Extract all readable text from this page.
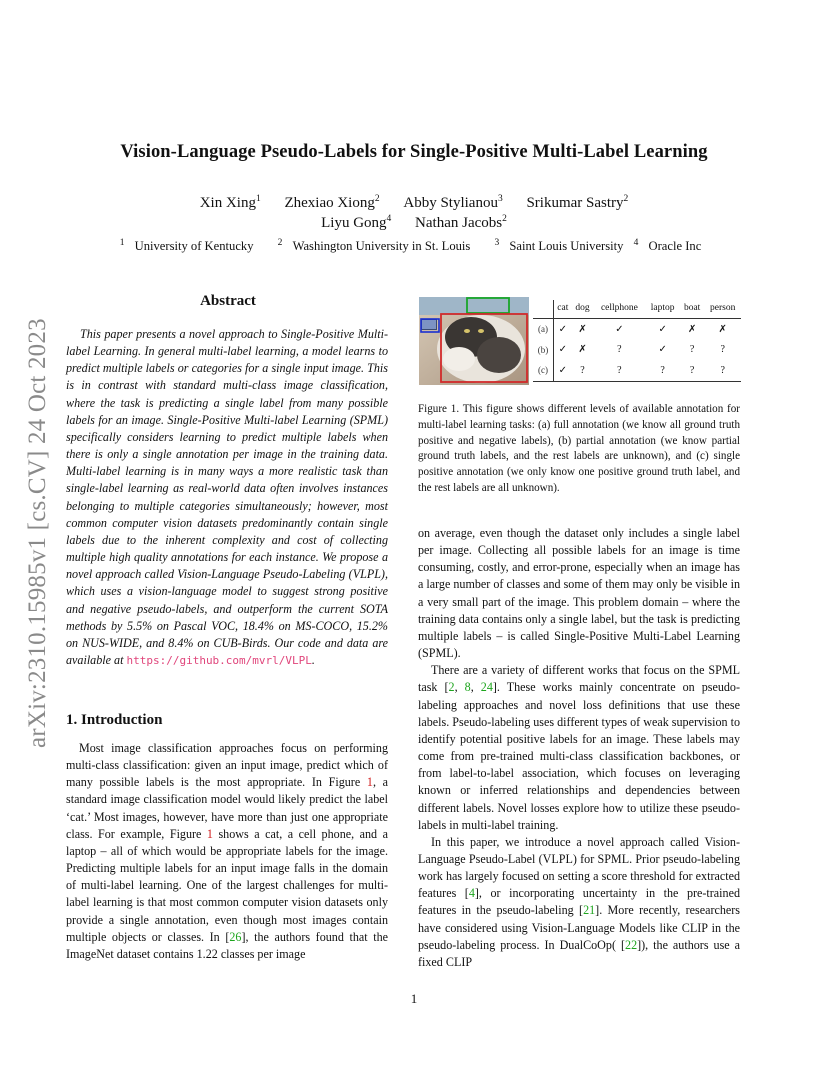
arXiv:2310.15985v1 [cs.CV] 24 Oct 2023
Vision-Language Pseudo-Labels for Single-Positive Multi-Label Learning
Xin Xing$^1$ Zhexiao Xiong$^2$ Abby Stylianou$^3$ Srikumar Sastry$^2$
Liyu Gong$^4$ Nathan Jacobs$^2$
$^1$ University of Kentucky	$^2$ Washington University in St. Louis	$^3$ Saint Louis University $^4$ Oracle Inc
Abstract

This paper presents a novel approach to Single-Positive Multi-label Learning. In general multi-label learning, a model learns to predict multiple labels or categories for a single input image. This is in contrast with standard multi-class image classification, where the task is predicting a single label from many possible labels for an image. Single-Positive Multi-label Learning (SPML) specifically considers learning to predict multiple labels when there is only a single annotation per image in the training data. Multi-label learning is in many ways a more realistic task than single-label learning as real-world data often involves instances belonging to multiple categories simultaneously; however, most common computer vision datasets predominantly contain single labels due to the inherent complexity and cost of collecting multiple high quality annotations for each instance. We propose a novel approach called Vision-Language Pseudo-Labeling (VLPL), which uses a vision-language model to suggest strong positive and negative pseudo-labels, and outperform the current SOTA methods by 5.5% on Pascal VOC, 18.4% on MS-COCO, 15.2% on NUS-WIDE, and 8.4% on CUB-Birds. Our code and data are available at https://github.com/mvrl/VLPL.

1. Introduction

Most image classification approaches focus on performing multi-class classification: given an input image, predict which of many possible labels is the most appropriate. In Figure 1, a standard image classification model would likely predict the label ‘cat.’ Most images, however, have more than just one appropriate class. For example, Figure 1 shows a cat, a cell phone, and a laptop – all of which would be appropriate labels for the image. Predicting multiple labels for an input image falls in the domain of multi-label learning. One of the largest challenges for multi-label learning is that most common computer vision datasets only provide a single annotation, even though most images contain multiple objects or classes. In [26], the authors found that the ImageNet dataset contains 1.22 classes per image

	cat	dog	cellphone	laptop	boat	person
(a)	✓	✗	✓	✓	✗	✗
(b)	✓	✗	?	✓	?	?
(c)	✓	?	?	?	?	?
Figure 1. This figure shows different levels of available annotation for multi-label learning tasks: (a) full annotation (we know all ground truth positive and negative labels), (b) partial annotation (we know partial ground truth labels, and the rest labels are unknown), and (c) single positive annotation (we only know one positive ground truth label, and the rest labels are all unknown).

on average, even though the dataset only includes a single label per image. Collecting all possible labels for an image is time consuming, costly, and error-prone, especially when an image has a large number of classes and some of them may only be visible in a very small part of the image. This problem domain – where the training data contains only a single label, but the task is predicting multiple labels – is called Single-Positive Multi-Label Learning (SPML).

There are a variety of different works that focus on the SPML task [2, 8, 24]. These works mainly concentrate on pseudo-labeling approaches and novel loss definitions that use these labels. Pseudo-labeling uses different types of weak supervision to identify potential positive labels for an image. These labels may come from pre-trained multi-class classification backbones, or from label-to-label association, which focuses on leveraging known or inferred relationships and dependencies between different labels. Novel losses explore how to utilize these pseudo-labels in multi-label training.

In this paper, we introduce a novel approach called Vision-Language Pseudo-Label (VLPL) for SPML. Prior pseudo-labeling work has largely focused on setting a score threshold for extracted features [4], or incorporating uncertainty in the pre-trained features in the pseudo-labeling [21]. More recently, researchers have considered using Vision-Language Models like CLIP in the pseudo-labeling process. In DualCoOp( [22]), the authors use a fixed CLIP

1
